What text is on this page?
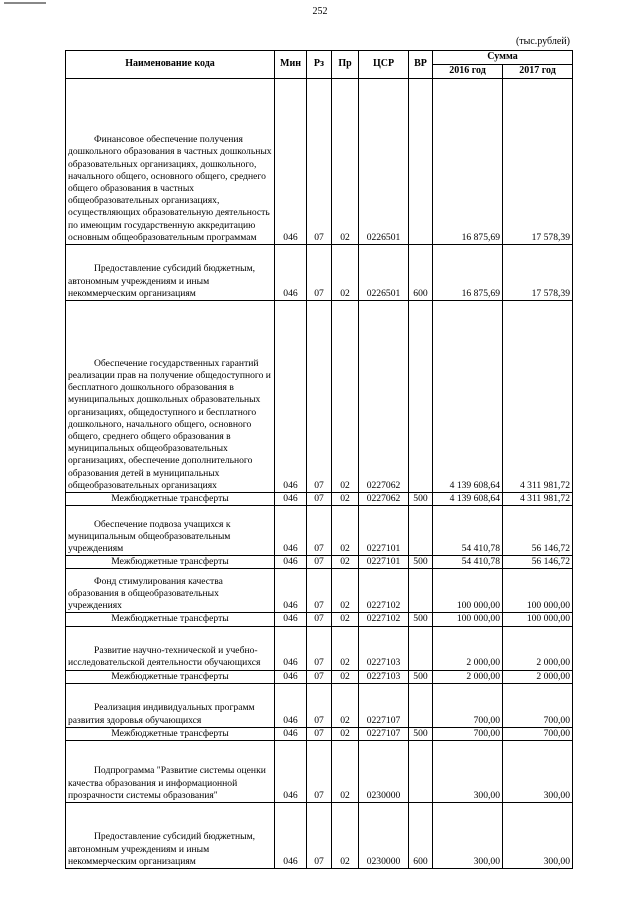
252
(тыс.рублей)
Наименование кода	Мин	Рз	Пр	ЦСР	ВР	Сумма	
						2016 год	2017 год
Финансовое обеспечение получения дошкольного образования в частных дошкольных образовательных организациях, дошкольного, начального общего, основного общего, среднего общего образования в частных общеобразовательных организациях, осуществляющих образовательную деятельность по имеющим государственную аккредитацию основным общеобразовательным программам	046	07	02	0226501		16 875,69	17 578,39
Предоставление субсидий бюджетным, автономным учреждениям и иным некоммерческим организациям	046	07	02	0226501	600	16 875,69	17 578,39
Обеспечение государственных гарантий реализации прав на получение общедоступного и бесплатного дошкольного образования в муниципальных дошкольных образовательных организациях, общедоступного и бесплатного дошкольного, начального общего, основного общего, среднего общего образования в муниципальных общеобразовательных организациях, обеспечение дополнительного образования детей в муниципальных общеобразовательных организациях	046	07	02	0227062		4 139 608,64	4 311 981,72
Межбюджетные трансферты	046	07	02	0227062	500	4 139 608,64	4 311 981,72
Обеспечение подвоза учащихся к муниципальным общеобразовательным учреждениям	046	07	02	0227101		54 410,78	56 146,72
Межбюджетные трансферты	046	07	02	0227101	500	54 410,78	56 146,72
Фонд стимулирования качества образования в общеобразовательных учреждениях	046	07	02	0227102		100 000,00	100 000,00
Межбюджетные трансферты	046	07	02	0227102	500	100 000,00	100 000,00
Развитие научно-технической и учебно-исследовательской деятельности обучающихся	046	07	02	0227103		2 000,00	2 000,00
Межбюджетные трансферты	046	07	02	0227103	500	2 000,00	2 000,00
Реализация индивидуальных программ развития здоровья обучающихся	046	07	02	0227107		700,00	700,00
Межбюджетные трансферты	046	07	02	0227107	500	700,00	700,00
Подпрограмма "Развитие системы оценки качества образования и информационной прозрачности системы образования"	046	07	02	0230000		300,00	300,00
Предоставление субсидий бюджетным, автономным учреждениям и иным некоммерческим организациям	046	07	02	0230000	600	300,00	300,00
